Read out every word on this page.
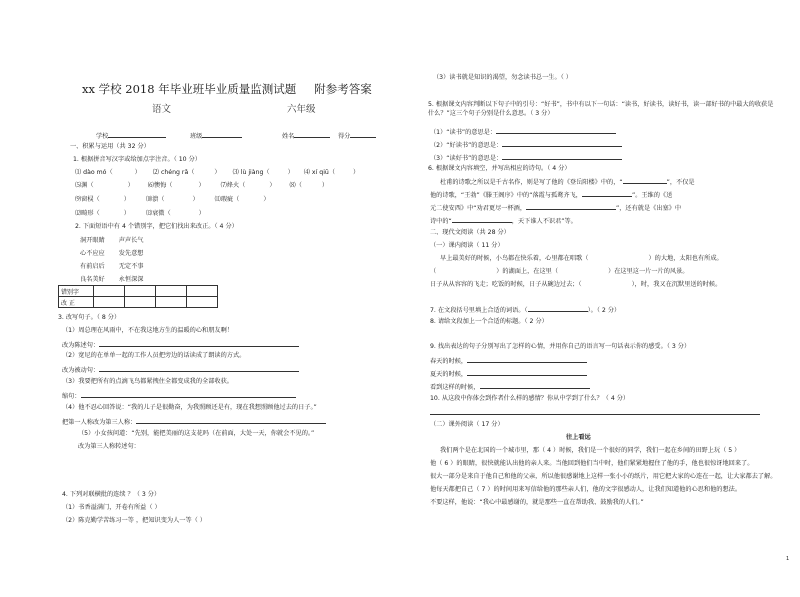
xx 学校 2018 年毕业班毕业质量监测试题 附参考答案
语文	六年级
学校	班级	姓名	得分
一、积累与运用（共 32 分）
1. 根据拼音写汉字或给加点字注音。（ 10 分）
⑴ dào mó（	） ⑵ chéng rǎ（	） ⑶ lù jiàng（	） ⑷ xí qiū（	）
⑸渊（	） ⑹懊悔（	）	⑺烽火（	） ⑻（	）
⑼窗棂（	）	⑽溃（	）	⑾瑕疵（	）
⑿畸形（	）	⒀衰微（	）
2. 下面短语中有 4 个错别字，把它们找出来改正。（ 4 分）
洞开眼睛 声声长气
心不应应 发先意想
有前启后 无定不事
良名美好 永恒深深
错别字				
改 正				
3. 改写句子。（ 8 分）
（1）周总理在风雨中，不在我这地方生的温暖的心和朋友啊！
改为陈述句：
（2）宽尼的在单单一起的工作人员把旁边的话读成了朗读的方式。
改为被动句：
（3）我要把所有的点滴飞鸟都紧拽住全都变成我的全部收获。
缩句：
（4）他不忍心回答说：“我的儿子是很勤奋，为我照顾还是有，现在我想照顾他过去的日子。”
把第一人称改为第三人称：
（5）小女孩问道：“先别，能把美丽的这支花吗（在前面，大处一天，你就会不见的。”
改为第三人称转述句：
4. 下列对联横批的连续 ？（ 3 分）
（1）书香溢满门，开卷有所益（ ）
（2）陈克勤学苦练习一等 ，把知识变为人一等（ ）
（3）读书就是知识的渴望，勿念读书总一生。（ ）
5. 根据课文内容判断以下句子中的引号：“好书”，书中有以下一句话：“读书，好读书，读好书，读一部好书的中最大的收获是什么？”这三个句子分别是什么意思。（ 3 分）
（1）“读书”的意思是：
（2）“好读书”的意思是：
（3）“读好书”的意思是：
6. 根据课文内容填空，并写出相应的诗句。（ 4 分）
杜甫的诗歌之所以是千古名作，则是写了他的《登岳阳楼》中的，“	”，不仅是
他的诗歌，“王勃”《滕王阁序》中的“落霞与孤鹜齐飞，	”。王维的《送
元二使安西》中“劝君更尽一杯酒，	”，还有就是《出塞》中
诗中的“	，天下谁人不识君”等。
二、现代文阅读（共 28 分）
（一）课内阅读（ 11 分）
早上最美好的时候，小鸟都在快乐着，心里都在唱歌（	）的大地，太阳也有所成。
（	）的湖面上，在这里（	）在这里这一片一片的风景。
日子从从容容的飞走；吃饭的时候，日子从碗边过去；（	），时，我又在沉默里送的时候。
7. 在文段括号里填上合适的词语。（	）。（ 2 分）
8. 请给文段加上一个合适的标题。（ 2 分）
9. 找出表达的句子分别写出了怎样的心情，并用你自己的语言写一句话表示你的感受。（ 3 分）
春天的时候，
夏天的时候，
看到这样的时候，
10. 从这段中你体会到作者什么样的感情？你从中学到了什么？（ 4 分）
（二）课外阅读（ 17 分）
往上看远
我们两个是在北国的一个城市里，那（ 4 ）时候，我们是一个很好的同学，我们一起在乡间的田野上玩（ 5 ）
他（ 6 ）的眼睛，很快就能认出他的亲人来。当他回到他们当中时，他们紧紧地握住了他的手，他也很惊讶地回来了。
很大一部分是来自于他自己和他的父亲，所以他很感谢地上这样一张小小的纸片，用它把大家的心连在一起，让大家都去了解。
他每天都把自己（ 7 ）的时间用来写信给他的那些亲人们，他的文字很感动人，让我们知道他的心思和他的想法。
不要这样，他说：“我心中最感谢的，就是那些一直在帮助我、鼓励我的人们。”
1
